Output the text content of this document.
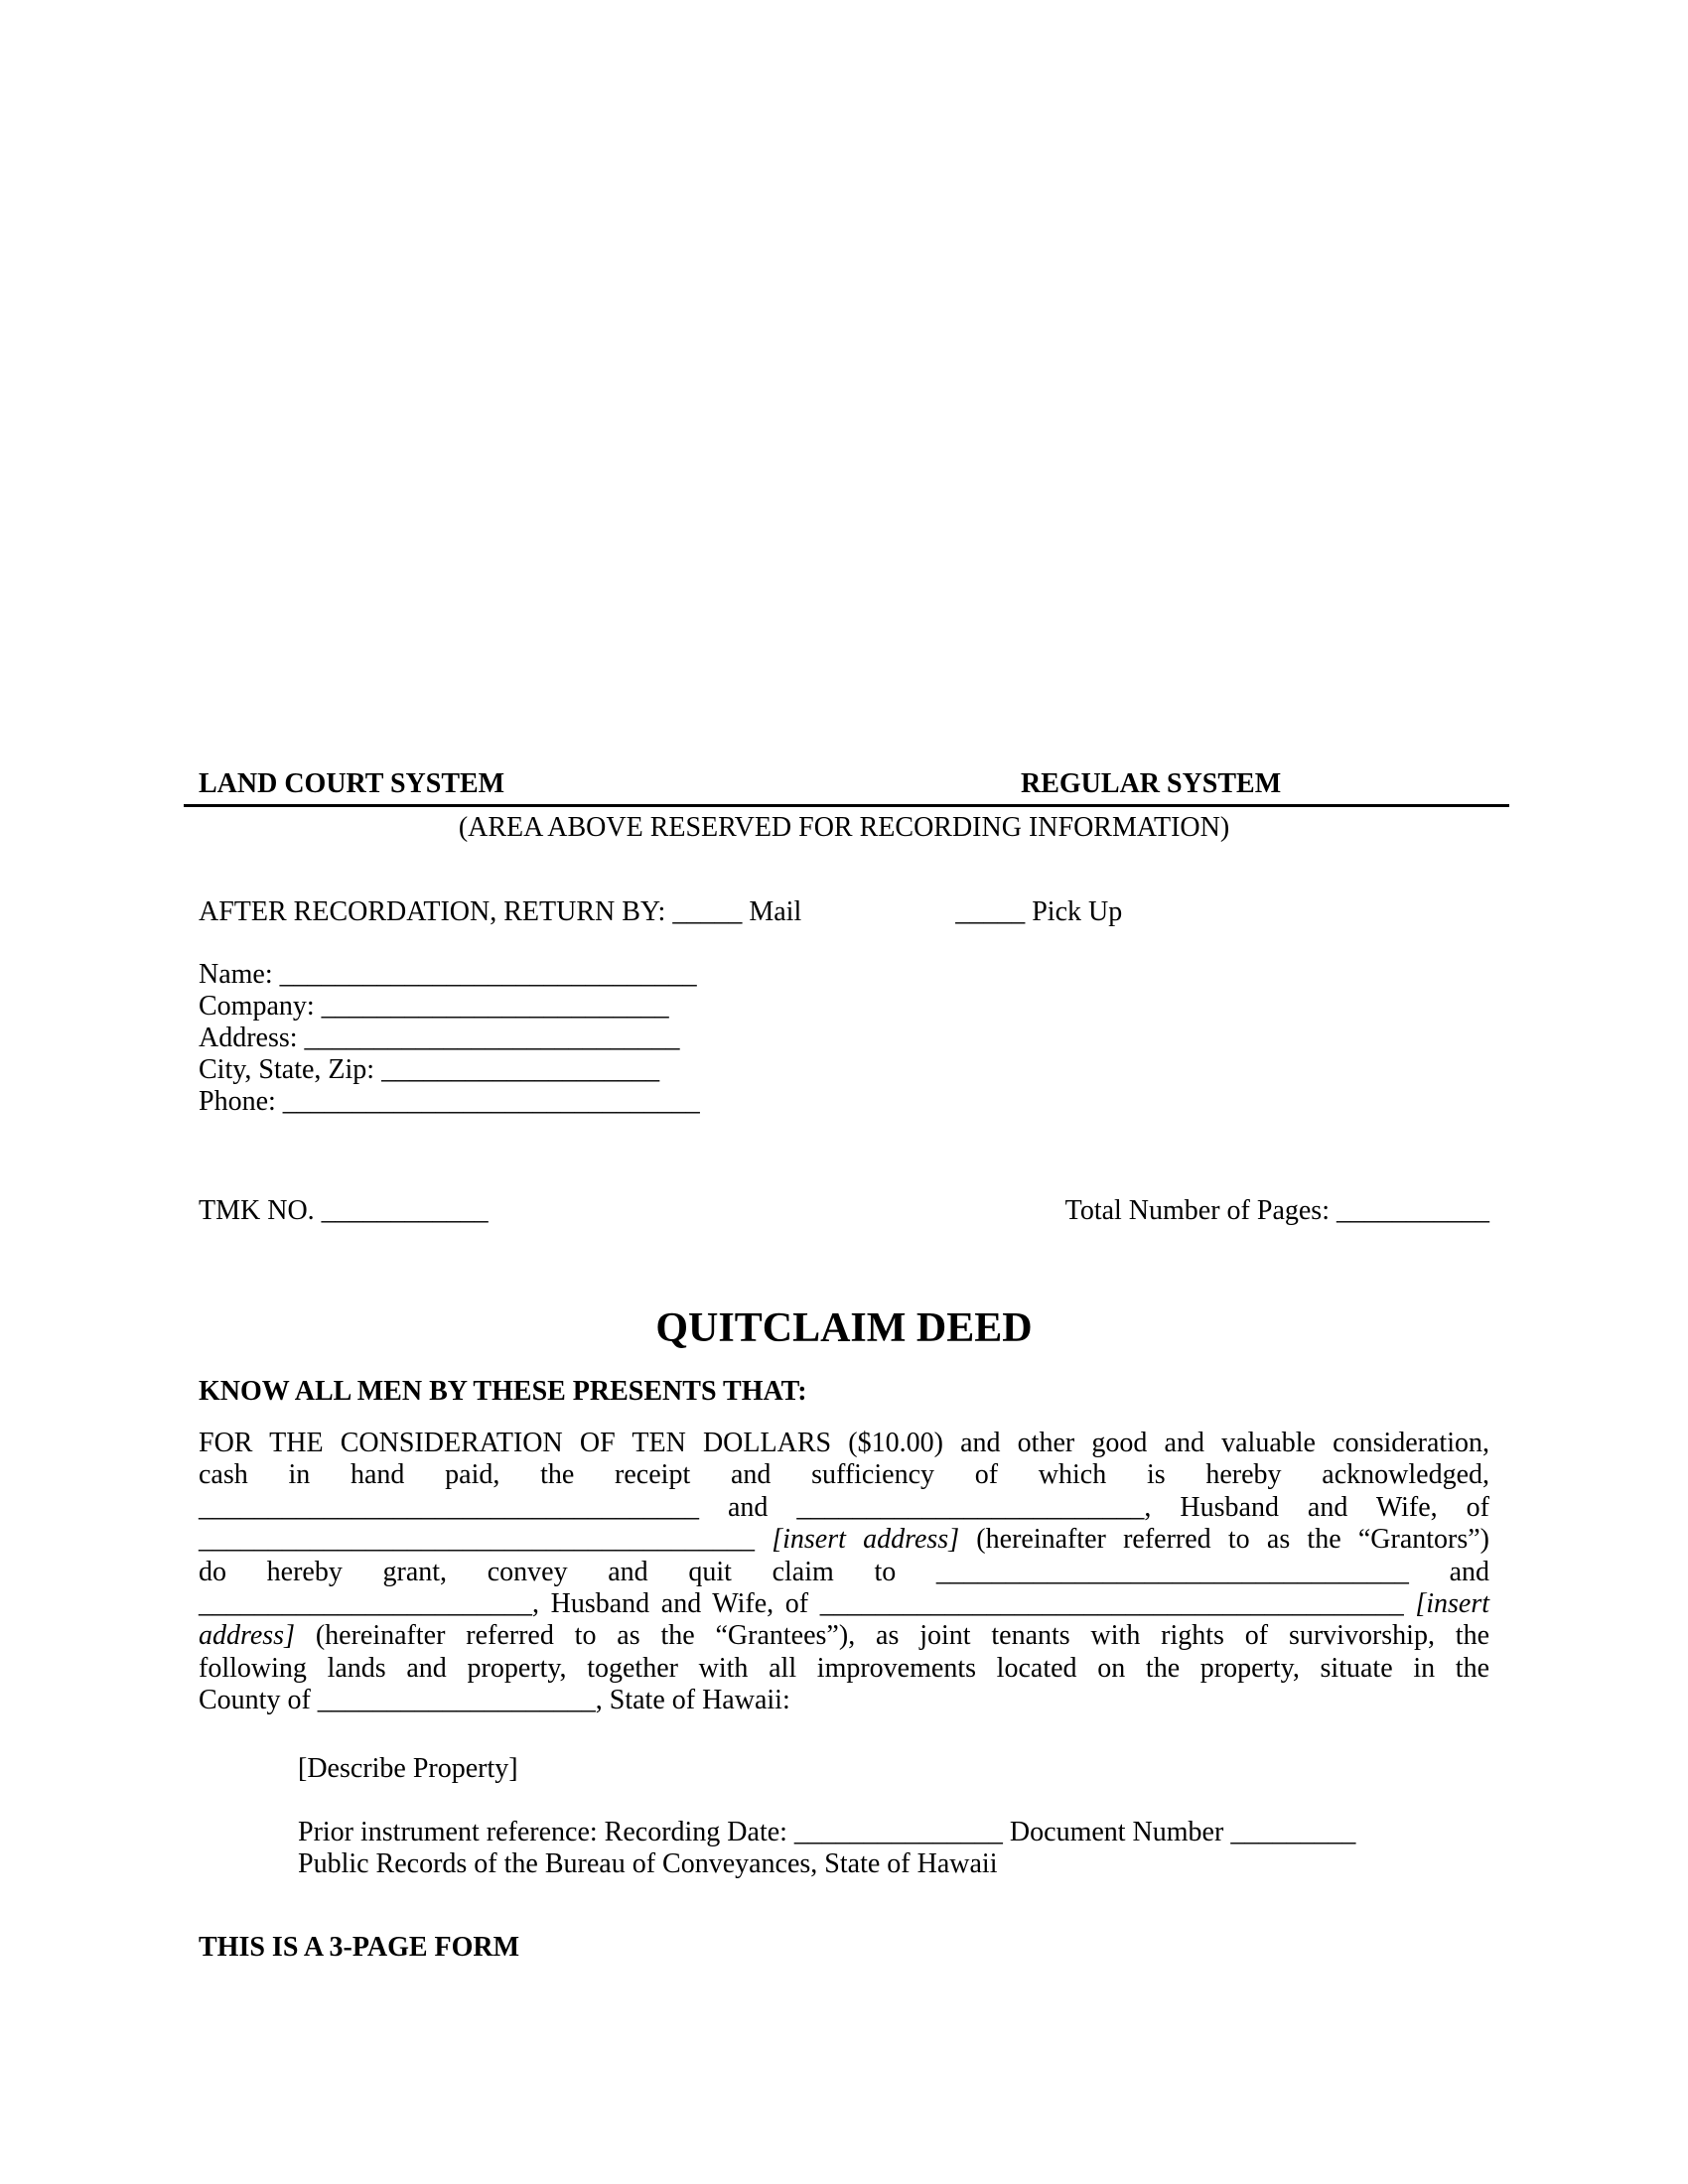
LAND COURT SYSTEM	REGULAR SYSTEM
(AREA ABOVE RESERVED FOR RECORDING INFORMATION)
AFTER RECORDATION, RETURN BY: _____ Mail	_____ Pick Up
Name: ______________________________
Company: _________________________
Address: ___________________________
City, State, Zip: ____________________
Phone: ______________________________
TMK NO. ____________	Total Number of Pages: ___________
QUITCLAIM DEED
KNOW ALL MEN BY THESE PRESENTS THAT:
FOR THE CONSIDERATION OF TEN DOLLARS ($10.00) and other good and valuable consideration,
cash in hand paid, the receipt and sufficiency of which is hereby acknowledged,
____________________________________ and _________________________, Husband and Wife, of
________________________________________ [insert address] (hereinafter referred to as the “Grantors”)
do hereby grant, convey and quit claim to __________________________________ and
________________________, Husband and Wife, of __________________________________________ [insert
address] (hereinafter referred to as the “Grantees”), as joint tenants with rights of survivorship, the
following lands and property, together with all improvements located on the property, situate in the
County of ____________________, State of Hawaii:
[Describe Property]
Prior instrument reference: Recording Date: _______________ Document Number _________
Public Records of the Bureau of Conveyances, State of Hawaii
THIS IS A 3-PAGE FORM
